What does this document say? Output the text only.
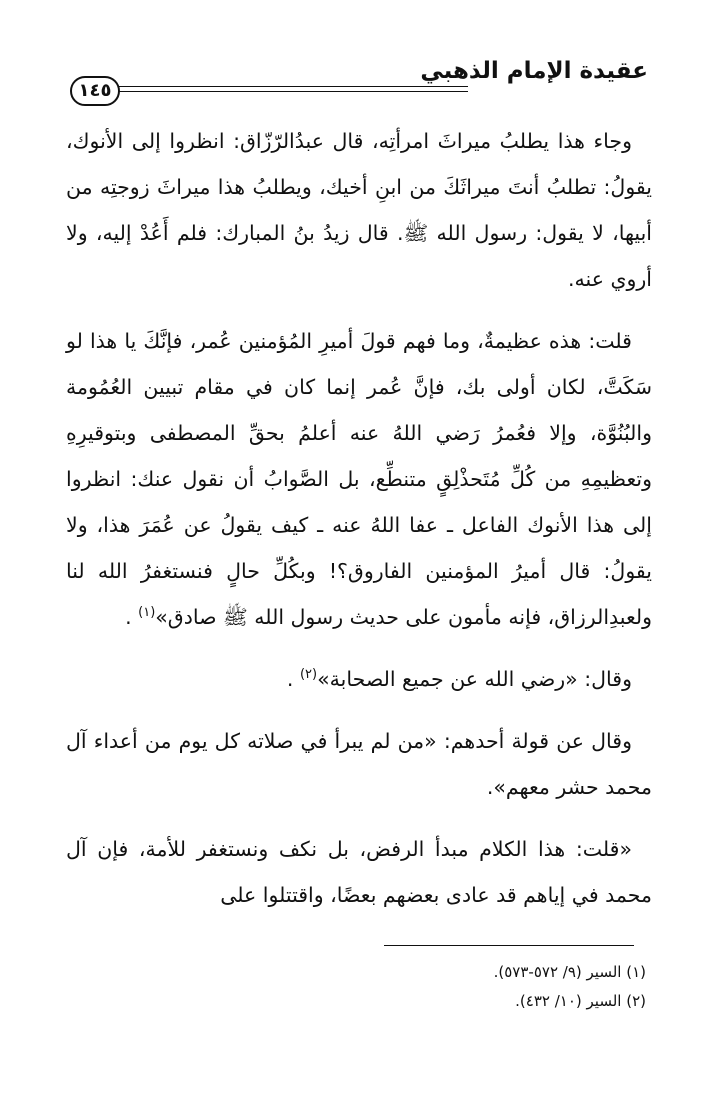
عقيدة الإمام الذهبي
١٤٥

وجاء هذا يطلبُ ميراثَ امرأتِه، قال عبدُالرّزّاق: انظروا إلى الأنوك، يقولُ: تطلبُ أنتَ ميراثَكَ من ابنِ أخيك، ويطلبُ هذا ميراثَ زوجتِه من أبيها، لا يقول: رسول الله ﷺ. قال زيدُ بنُ المبارك: فلم أَعُدْ إليه، ولا أروي عنه.

قلت: هذه عظيمةٌ، وما فهم قولَ أميرِ المُؤمنين عُمر، فإنَّكَ يا هذا لو سَكَتَّ، لكان أولى بك، فإنَّ عُمر إنما كان في مقام تبيين العُمُومة والبُنُوَّة، وإلا فعُمرُ رَضي اللهُ عنه أعلمُ بحقِّ المصطفى وبتوقيرِهِ وتعظيمِهِ من كُلِّ مُتَحذْلِقٍ متنطِّع، بل الصَّوابُ أن نقول عنك: انظروا إلى هذا الأنوك الفاعل ـ عفا اللهُ عنه ـ كيف يقولُ عن عُمَرَ هذا، ولا يقولُ: قال أميرُ المؤمنين الفاروق؟! وبكُلِّ حالٍ فنستغفرُ الله لنا ولعبدِالرزاق، فإنه مأمون على حديث رسول الله ﷺ صادق»$^{(١)}$ .

وقال: «رضي الله عن جميع الصحابة»$^{(٢)}$ .

وقال عن قولة أحدهم: «من لم يبرأ في صلاته كل يوم من أعداء آل محمد حشر معهم».

«قلت: هذا الكلام مبدأ الرفض، بل نكف ونستغفر للأمة، فإن آل محمد في إياهم قد عادى بعضهم بعضًا، واقتتلوا على

(١) السير (٩/ ٥٧٢-٥٧٣).
(٢) السير (١٠/ ٤٣٢).
